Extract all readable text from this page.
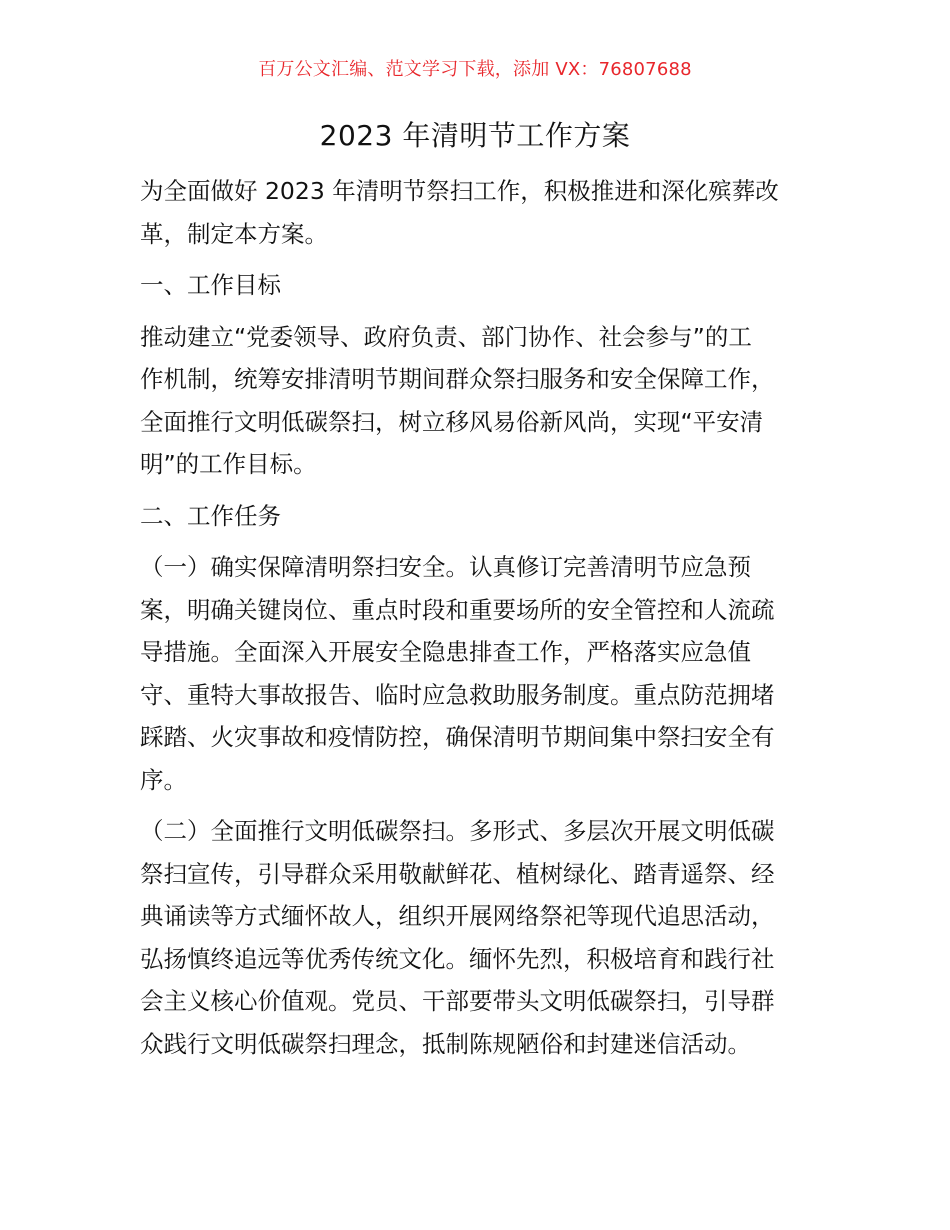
百万公文汇编、范文学习下载，添加 VX：76807688
2023 年清明节工作方案

为全面做好 2023 年清明节祭扫工作，积极推进和深化殡葬改
革，制定本方案。

一、工作目标

推动建立“党委领导、政府负责、部门协作、社会参与”的工
作机制，统筹安排清明节期间群众祭扫服务和安全保障工作，
全面推行文明低碳祭扫，树立移风易俗新风尚，实现“平安清
明”的工作目标。

二、工作任务

（一）确实保障清明祭扫安全。认真修订完善清明节应急预
案，明确关键岗位、重点时段和重要场所的安全管控和人流疏
导措施。全面深入开展安全隐患排查工作，严格落实应急值
守、重特大事故报告、临时应急救助服务制度。重点防范拥堵
踩踏、火灾事故和疫情防控，确保清明节期间集中祭扫安全有
序。

（二）全面推行文明低碳祭扫。多形式、多层次开展文明低碳
祭扫宣传，引导群众采用敬献鲜花、植树绿化、踏青遥祭、经
典诵读等方式缅怀故人，组织开展网络祭祀等现代追思活动，
弘扬慎终追远等优秀传统文化。缅怀先烈，积极培育和践行社
会主义核心价值观。党员、干部要带头文明低碳祭扫，引导群
众践行文明低碳祭扫理念，抵制陈规陋俗和封建迷信活动。
